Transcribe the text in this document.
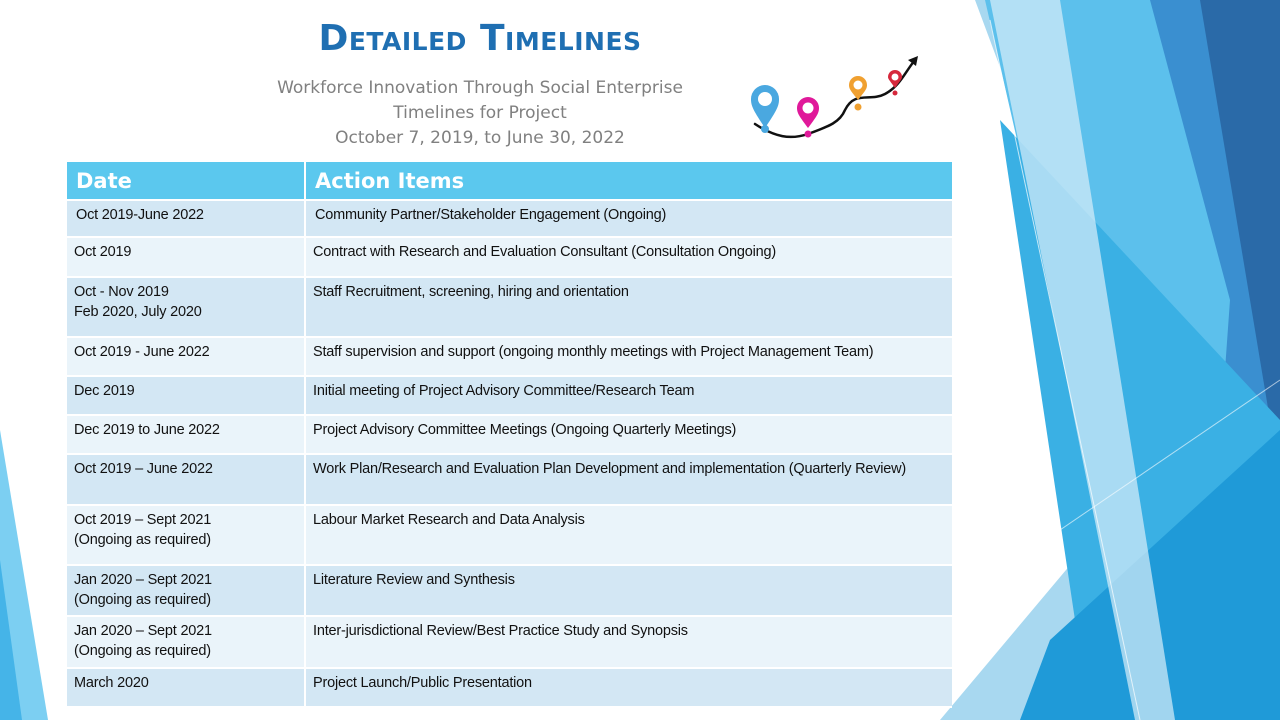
Detailed Timelines
Workforce Innovation Through Social Enterprise
Timelines for Project
October 7, 2019, to June 30, 2022
Date	Action Items

Oct 2019-June 2022	Community Partner/Stakeholder Engagement (Ongoing)

Oct 2019	Contract with Research and Evaluation Consultant (Consultation Ongoing)

Oct - Nov 2019
Feb 2020, July 2020	Staff Recruitment, screening, hiring and orientation

Oct 2019 - June 2022	Staff supervision and support (ongoing monthly meetings with Project Management Team)

Dec 2019	Initial meeting of Project Advisory Committee/Research Team

Dec 2019 to June 2022	Project Advisory Committee Meetings (Ongoing Quarterly Meetings)

Oct 2019 – June 2022	Work Plan/Research and Evaluation Plan Development and implementation (Quarterly Review)

Oct 2019 – Sept 2021
(Ongoing as required)	Labour Market Research and Data Analysis

Jan 2020 – Sept 2021
(Ongoing as required)	Literature Review and Synthesis

Jan 2020 – Sept 2021
(Ongoing as required)	Inter-jurisdictional Review/Best Practice Study and Synopsis

March 2020	Project Launch/Public Presentation
